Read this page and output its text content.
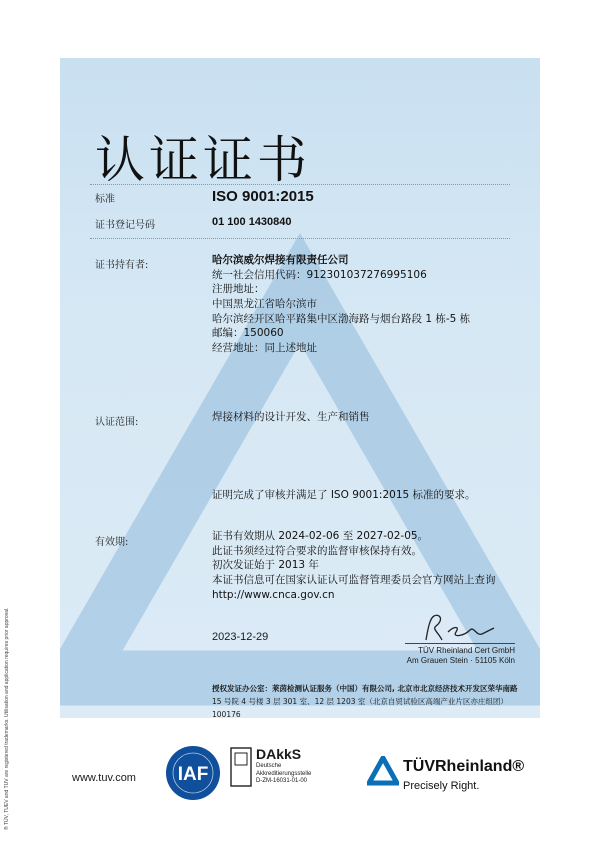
认证证书
标准	ISO 9001:2015
证书登记号码	01 100 1430840
证书持有者:	哈尔滨威尔焊接有限责任公司
统一社会信用代码：912301037276995106
注册地址：
中国黑龙江省哈尔滨市
哈尔滨经开区哈平路集中区渤海路与烟台路段 1 栋-5 栋
邮编：150060
经营地址：同上述地址
认证范围:	焊接材料的设计开发、生产和销售
证明完成了审核并满足了 ISO 9001:2015 标准的要求。
有效期:
证书有效期从 2024-02-06 至 2027-02-05。
此证书须经过符合要求的监督审核保持有效。
初次发证始于 2013 年
本证书信息可在国家认证认可监督管理委员会官方网站上查询
http://www.cnca.gov.cn
2023-12-29
TÜV Rheinland Cert GmbH
Am Grauen Stein · 51105 Köln
授权发证办公室：莱茵检测认证服务（中国）有限公司, 北京市北京经济技术开发区荣华南路
15 号院 4 号楼 3 层 301 室、12 层 1203 室（北京自贸试验区高端产业片区亦庄组团）
100176
® TÜV, TUEV and TUV are registered trademarks. Utilisation and application requires prior approval.	www.tuv.com IAF
DAkkS
Deutsche
Akkreditierungsstelle
D-ZM-16031-01-00
TÜVRheinland®
Precisely Right.
